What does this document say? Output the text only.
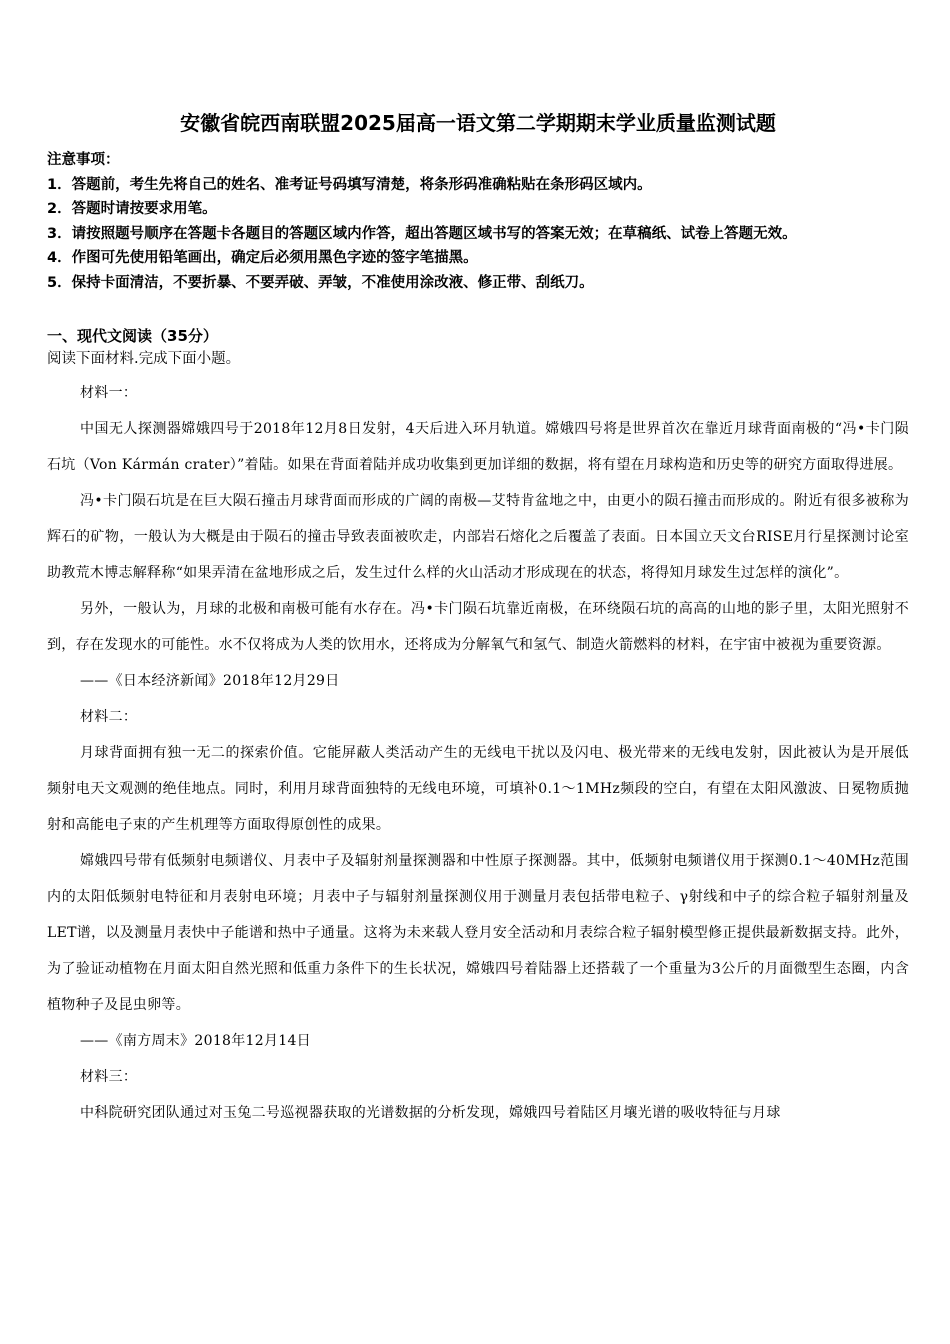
安徽省皖西南联盟2025届高一语文第二学期期末学业质量监测试题
注意事项：
1．答题前，考生先将自己的姓名、准考证号码填写清楚，将条形码准确粘贴在条形码区域内。
2．答题时请按要求用笔。
3．请按照题号顺序在答题卡各题目的答题区域内作答，超出答题区域书写的答案无效；在草稿纸、试卷上答题无效。
4．作图可先使用铅笔画出，确定后必须用黑色字迹的签字笔描黑。
5．保持卡面清洁，不要折暴、不要弄破、弄皱，不准使用涂改液、修正带、刮纸刀。
一、现代文阅读（35分）
阅读下面材料.完成下面小题。

材料一：

中国无人探测器嫦娥四号于2018年12月8日发射，4天后进入环月轨道。嫦娥四号将是世界首次在靠近月球背面南极的“冯•卡门陨石坑（Von Kármán crater）”着陆。如果在背面着陆并成功收集到更加详细的数据，将有望在月球构造和历史等的研究方面取得进展。

冯•卡门陨石坑是在巨大陨石撞击月球背面而形成的广阔的南极—艾特肯盆地之中，由更小的陨石撞击而形成的。附近有很多被称为辉石的矿物，一般认为大概是由于陨石的撞击导致表面被吹走，内部岩石熔化之后覆盖了表面。日本国立天文台RISE月行星探测讨论室助教荒木博志解释称“如果弄清在盆地形成之后，发生过什么样的火山活动才形成现在的状态，将得知月球发生过怎样的演化”。

另外，一般认为，月球的北极和南极可能有水存在。冯•卡门陨石坑靠近南极，在环绕陨石坑的高高的山地的影子里，太阳光照射不到，存在发现水的可能性。水不仅将成为人类的饮用水，还将成为分解氧气和氢气、制造火箭燃料的材料，在宇宙中被视为重要资源。

——《日本经济新闻》2018年12月29日

材料二：

月球背面拥有独一无二的探索价值。它能屏蔽人类活动产生的无线电干扰以及闪电、极光带来的无线电发射，因此被认为是开展低频射电天文观测的绝佳地点。同时，利用月球背面独特的无线电环境，可填补0.1～1MHz频段的空白，有望在太阳风激波、日冕物质抛射和高能电子束的产生机理等方面取得原创性的成果。

嫦娥四号带有低频射电频谱仪、月表中子及辐射剂量探测器和中性原子探测器。其中，低频射电频谱仪用于探测0.1～40MHz范围内的太阳低频射电特征和月表射电环境；月表中子与辐射剂量探测仪用于测量月表包括带电粒子、γ射线和中子的综合粒子辐射剂量及LET谱，以及测量月表快中子能谱和热中子通量。这将为未来载人登月安全活动和月表综合粒子辐射模型修正提供最新数据支持。此外，为了验证动植物在月面太阳自然光照和低重力条件下的生长状况，嫦娥四号着陆器上还搭载了一个重量为3公斤的月面微型生态圈，内含植物种子及昆虫卵等。

——《南方周末》2018年12月14日

材料三：

中科院研究团队通过对玉兔二号巡视器获取的光谱数据的分析发现，嫦娥四号着陆区月壤光谱的吸收特征与月球
